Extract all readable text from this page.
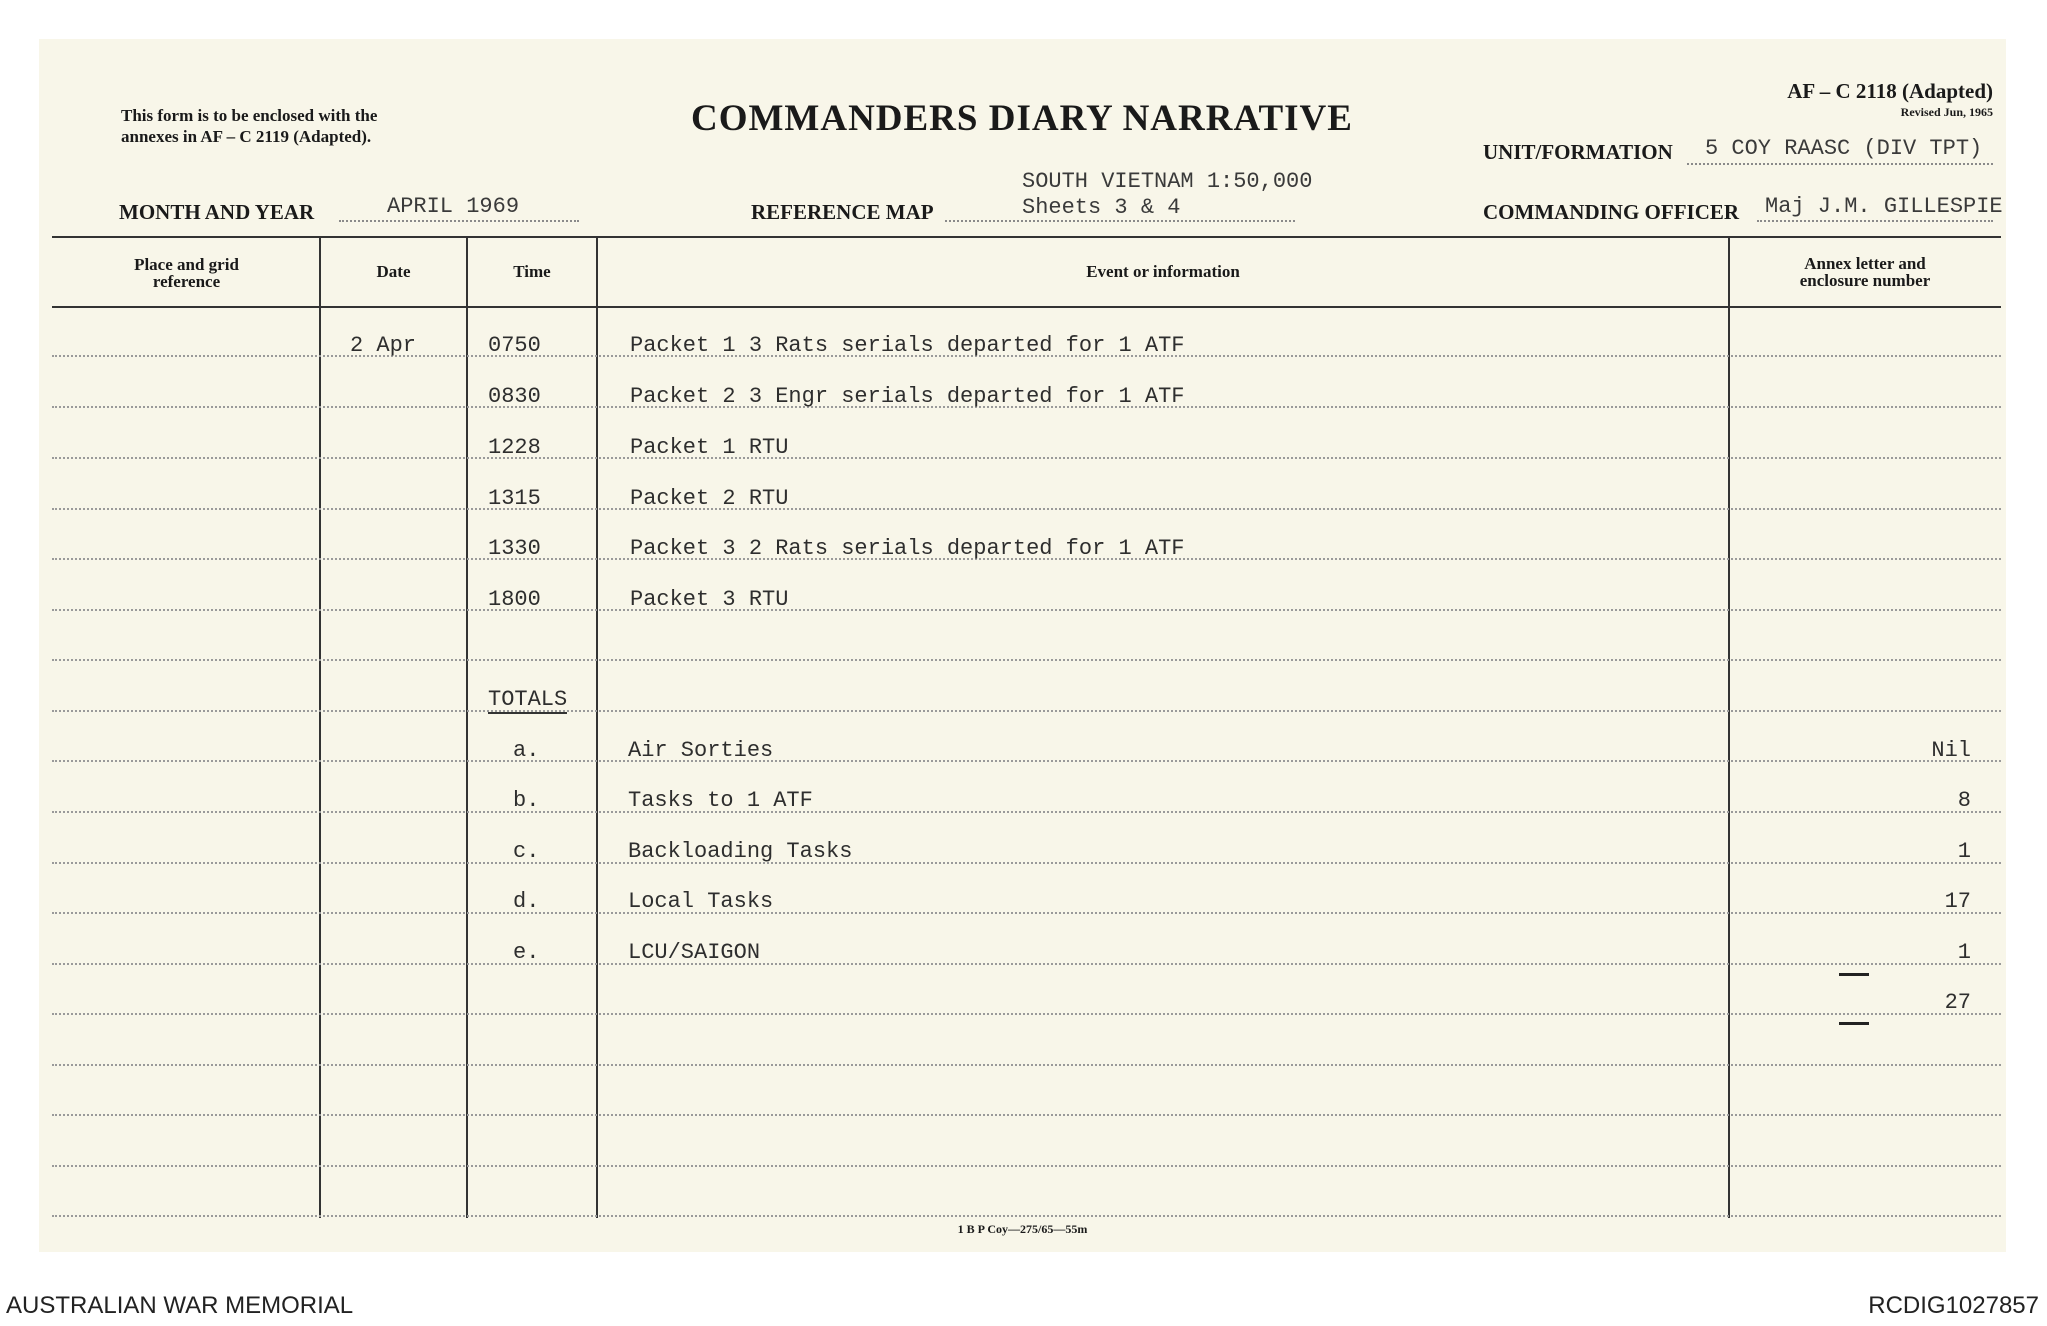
This form is to be enclosed with the
annexes in AF – C 2119 (Adapted).	COMMANDERS DIARY NARRATIVE
AF – C 2118 (Adapted)
Revised Jun, 1965
UNIT/FORMATION 5 COY RAASC (DIV TPT)
MONTH AND YEAR	APRIL 1969	REFERENCE MAP
SOUTH VIETNAM 1:50,000
Sheets 3 & 4	COMMANDING OFFICER Maj J.M. GILLESPIE
Place and grid reference
Date	Time	Event or information	Annex letter and enclosure number
2 Apr	0750	Packet 1 3 Rats serials departed for 1 ATF
0830	Packet 2 3 Engr serials departed for 1 ATF
1228	Packet 1 RTU
1315	Packet 2 RTU
1330	Packet 3 2 Rats serials departed for 1 ATF
1800	Packet 3 RTU
TOTALS
a.	Air Sorties	Nil
b.	Tasks to 1 ATF	8
c.	Backloading Tasks	1
d.	Local Tasks	17
e.	LCU/SAIGON	1
27
1 B P Coy—275/65—55m
AUSTRALIAN WAR MEMORIAL	RCDIG1027857
